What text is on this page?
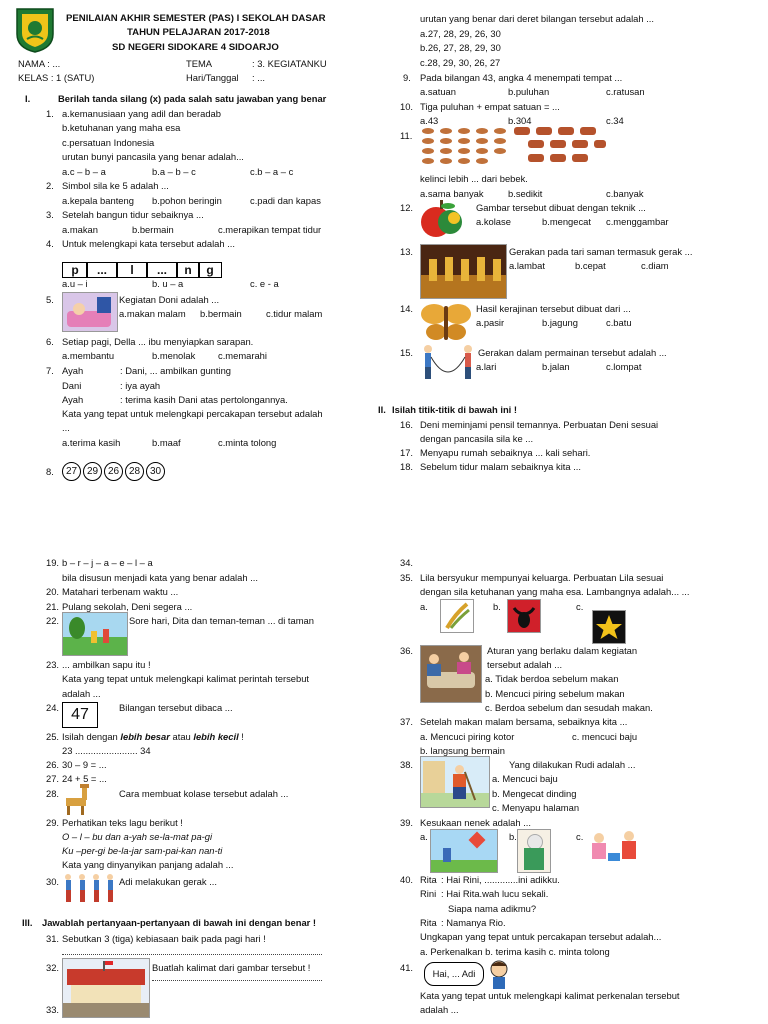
PENILAIAN AKHIR SEMESTER (PAS) I SEKOLAH DASAR
TAHUN PELAJARAN 2017-2018
SD NEGERI SIDOKARE 4 SIDOARJO
NAMA : ...	TEMA	: 3. KEGIATANKU
KELAS : 1 (SATU)	Hari/Tanggal : ...
I.	Berilah tanda silang (x) pada salah satu jawaban yang benar
1. a.kemanusiaan yang adil dan beradab
b.ketuhanan yang maha esa
c.persatuan Indonesia
urutan bunyi pancasila yang benar adalah...
a.c – b – a	b.a – b – c	c.b – a – c
2. Simbol sila ke 5 adalah ...
a.kepala banteng b.pohon beringin	c.padi dan kapas
3. Setelah bangun tidur sebaiknya ...
a.makan	b.bermain	c.merapikan tempat tidur
4. Untuk melengkapi kata tersebut adalah ...
p	...	l	...	n	g
a.u – i	b. u – a	c. e - a
5.	Kegiatan Doni adalah ...
a.makan malam b.bermain	c.tidur malam
6. Setiap pagi, Della ... ibu menyiapkan sarapan.
a.membantu	b.menolak c.memarahi
7. Ayah	: Dani, ... ambilkan gunting
Dani	: iya ayah
Ayah	: terima kasih Dani atas pertolongannya.
Kata yang tepat untuk melengkapi percakapan tersebut adalah
...
a.terima kasih	b.maaf	c.minta tolong
8.	27 29 26 28 30
urutan yang benar dari deret bilangan tersebut adalah ...
a.27, 28, 29, 26, 30
b.26, 27, 28, 29, 30
c.28, 29, 30, 26, 27
9. Pada bilangan 43, angka 4 menempati tempat ...
a.satuan	b.puluhan	c.ratusan
10. Tiga puluhan + empat satuan = ...
a.43	b.304	c.34
11.
kelinci lebih ... dari bebek.
a.sama banyak	b.sedikit	c.banyak
12.	Gambar tersebut dibuat dengan teknik ...
a.kolase	b.mengecat c.menggambar
13.	Gerakan pada tari saman termasuk gerak ...
a.lambat	b.cepat	c.diam
14.	Hasil kerajinan tersebut dibuat dari ...
a.pasir	b.jagung	c.batu
15.	Gerakan dalam permainan tersebut adalah ...
a.lari	b.jalan	c.lompat
II. Isilah titik-titik di bawah ini !
16. Deni meminjami pensil temannya. Perbuatan Deni sesuai
dengan pancasila sila ke ...
17. Menyapu rumah sebaiknya ... kali sehari.
18. Sebelum tidur malam sebaiknya kita ...
19. b – r – j – a – e – l – a
bila disusun menjadi kata yang benar adalah ...
20. Matahari terbenam waktu ...
21. Pulang sekolah, Deni segera ...
22.	Sore hari, Dita dan teman-teman ... di taman
23. ... ambilkan sapu itu !
Kata yang tepat untuk melengkapi kalimat perintah tersebut
adalah ...
24. 47	Bilangan tersebut dibaca ...
25. Isilah dengan lebih besar atau lebih kecil !
23 ........................ 34
26. 30 – 9 = ...
27. 24 + 5 = ...
28.	Cara membuat kolase tersebut adalah ...
29. Perhatikan teks lagu berikut !
O – l – bu dan a-yah se-la-mat pa-gi
Ku –per-gi be-la-jar sam-pai-kan nan-ti
Kata yang dinyanyikan panjang adalah ...
30.	Adi melakukan gerak ...
III. Jawablah pertanyaan-pertanyaan di bawah ini dengan benar !
31. Sebutkan 3 (tiga) kebiasaan baik pada pagi hari !
32.	Buatlah kalimat dari gambar tersebut !
33.
34.
35. Lila bersyukur mempunyai keluarga. Perbuatan Lila sesuai
dengan sila ketuhanan yang maha esa. Lambangnya adalah... ...
a.	b.	c.
36.	Aturan yang berlaku dalam kegiatan
tersebut adalah ...
a. Tidak berdoa sebelum makan
b. Mencuci piring sebelum makan
c. Berdoa sebelum dan sesudah makan.
37. Setelah makan malam bersama, sebaiknya kita ...
a. Mencuci piring kotor	c. mencuci baju
b. langsung bermain
38.	Yang dilakukan Rudi adalah ...
a. Mencuci baju
b. Mengecat dinding
c. Menyapu halaman
39. Kesukaan nenek adalah ...
a.	b.	c.
40. Rita : Hai Rini, .............ini adikku.
Rini : Hai Rita.wah lucu sekali.
Siapa nama adikmu?
Rita : Namanya Rio.
Ungkapan yang tepat untuk percakapan tersebut adalah...
a. Perkenalkan b. terima kasih c. minta tolong
41.
Hai, ... Adi
Kata yang tepat untuk melengkapi kalimat perkenalan tersebut
adalah ...
